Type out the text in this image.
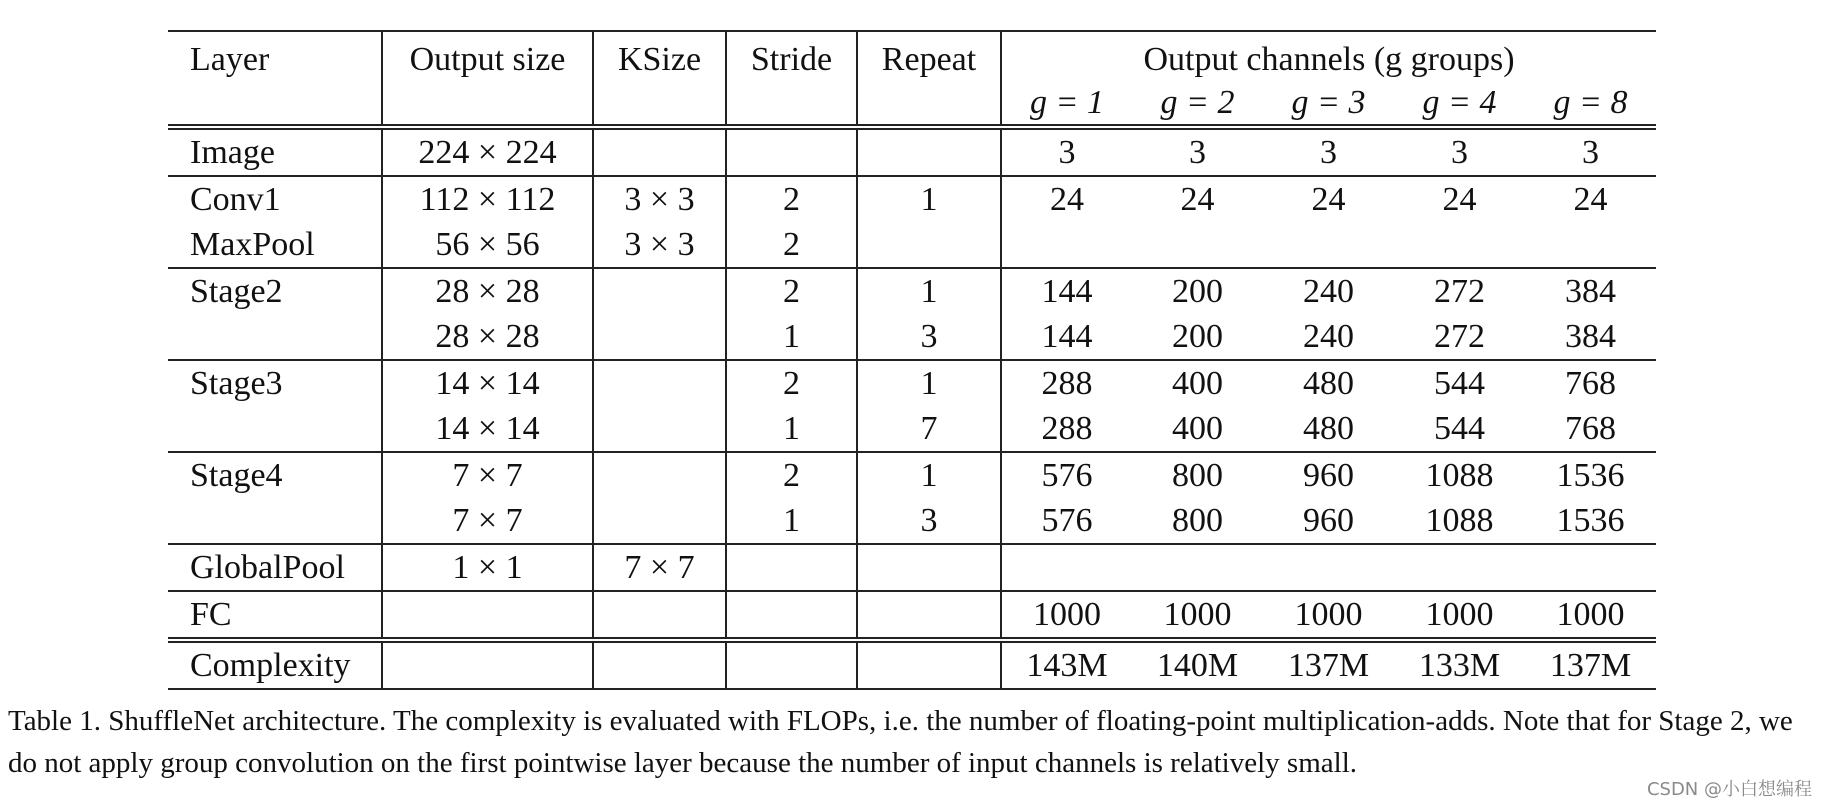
Layer	Output size	KSize	Stride	Repeat	Output channels (g groups)				
					g = 1	g = 2	g = 3	g = 4	g = 8
Image	224 × 224				3	3	3	3	3
Conv1	112 × 112	3 × 3	2	1	24	24	24	24	24
MaxPool	56 × 56	3 × 3	2						
Stage2	28 × 28		2	1	144	200	240	272	384
	28 × 28		1	3	144	200	240	272	384
Stage3	14 × 14		2	1	288	400	480	544	768
	14 × 14		1	7	288	400	480	544	768
Stage4	7 × 7		2	1	576	800	960	1088	1536
	7 × 7		1	3	576	800	960	1088	1536
GlobalPool	1 × 1	7 × 7							
FC					1000	1000	1000	1000	1000
Complexity					143M	140M	137M	133M	137M
Table 1. ShuffleNet architecture. The complexity is evaluated with FLOPs, i.e. the number of floating-point multiplication-adds. Note that for Stage 2, we do not apply group convolution on the first pointwise layer because the number of input channels is relatively small.
CSDN @小白想编程
